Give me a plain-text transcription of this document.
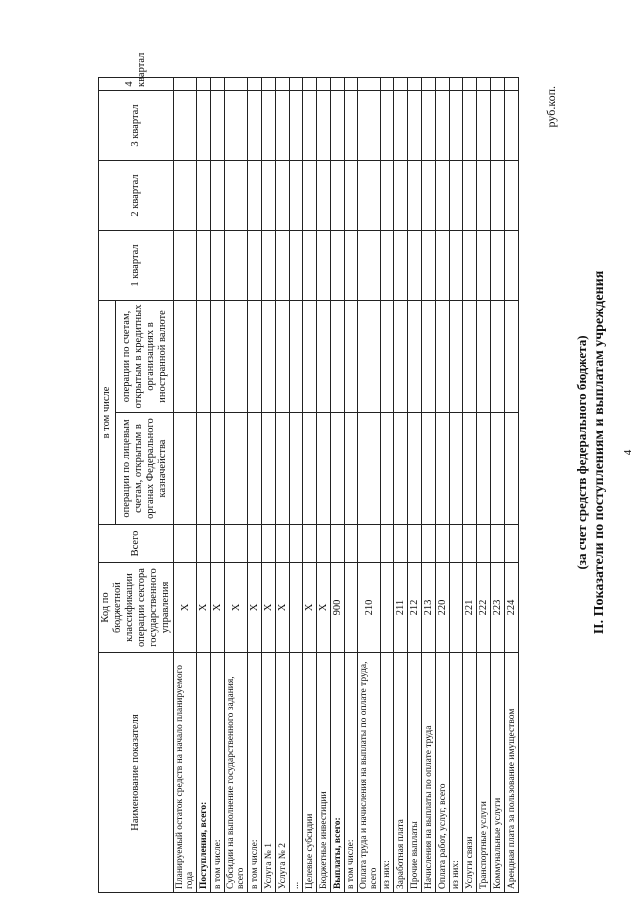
4
II. Показатели по поступлениям и выплатам учреждения
(за счет средств федерального бюджета)
руб.коп.
Наименование показателя	Код по бюджетной классификации операции сектора государственного управления	Всего	в том числе		1 квартал	2 квартал	3 квартал	4 квартал
			операции по лицевым счетам, открытым в органах Федерального казначейства	операции по счетам, открытым в кредитных организациях в иностранной валюте				
Планируемый остаток средств на начало планируемого года	X							
Поступления, всего:	X							
в том числе:	X							
Субсидии на выполнение государственного задания, всего	X							
в том числе:	X							
Услуга № 1	X							
Услуга № 2	X							
...								
Целевые субсидии	X							
Бюджетные инвестиции	X							
Выплаты, всего:	900							
в том числе:								
Оплата труда и начисления на выплаты по оплате труда, всего	210							
из них:								
Заработная плата	211							
Прочие выплаты	212							
Начисления на выплаты по оплате труда	213							
Оплата работ, услуг, всего	220							
из них:								
Услуги связи	221							
Транспортные услуги	222							
Коммунальные услуги	223							
Арендная плата за пользование имуществом	224							
